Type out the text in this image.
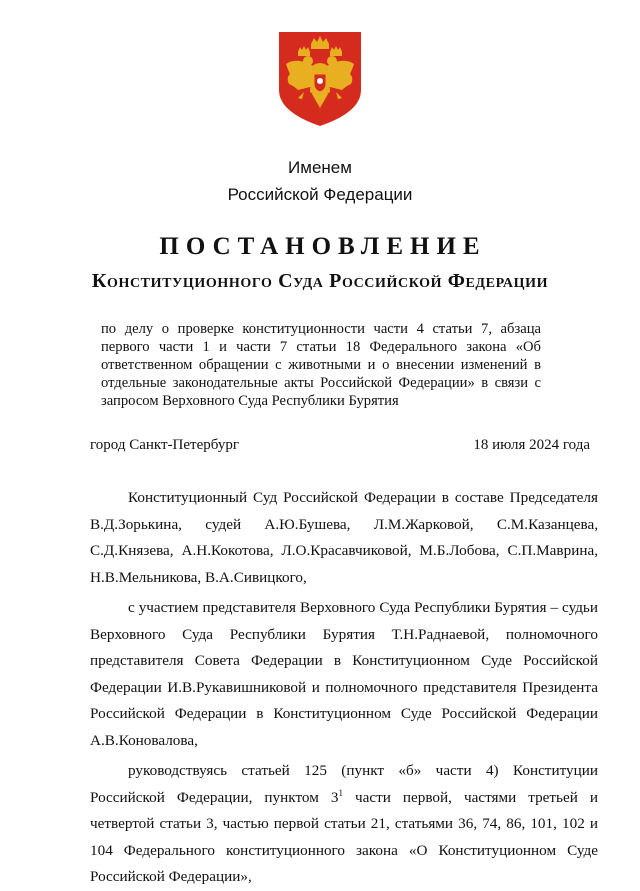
Именем
Российской Федерации
ПОСТАНОВЛЕНИЕ
Конституционного Суда Российской Федерации
по делу о проверке конституционности части 4 статьи 7, абзаца первого части 1 и части 7 статьи 18 Федерального закона «Об ответственном обращении с животными и о внесении изменений в отдельные законодательные акты Российской Федерации» в связи с запросом Верховного Суда Республики Бурятия
город Санкт-Петербург	18 июля 2024 года

Конституционный Суд Российской Федерации в составе Председателя В.Д.Зорькина, судей А.Ю.Бушева, Л.М.Жарковой, С.М.Казанцева, С.Д.Князева, А.Н.Кокотова, Л.О.Красавчиковой, М.Б.Лобова, С.П.Маврина, Н.В.Мельникова, В.А.Сивицкого,

с участием представителя Верховного Суда Республики Бурятия – судьи Верховного Суда Республики Бурятия Т.Н.Раднаевой, полномочного представителя Совета Федерации в Конституционном Суде Российской Федерации И.В.Рукавишниковой и полномочного представителя Президента Российской Федерации в Конституционном Суде Российской Федерации А.В.Коновалова,

руководствуясь статьей 125 (пункт «б» части 4) Конституции Российской Федерации, пунктом $3^1$ части первой, частями третьей и четвертой статьи 3, частью первой статьи 21, статьями 36, 74, 86, 101, 102 и 104 Федерального конституционного закона «О Конституционном Суде Российской Федерации»,
